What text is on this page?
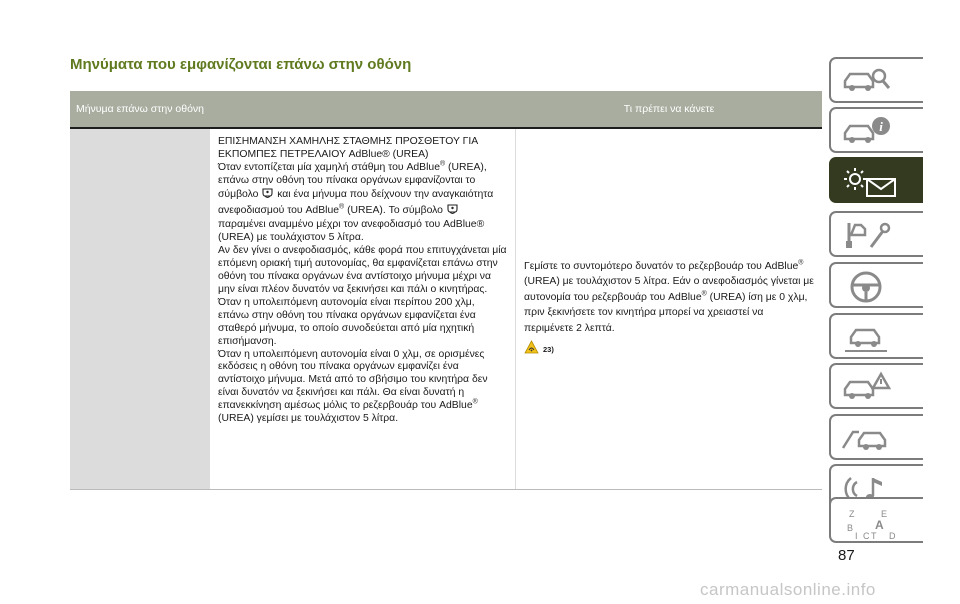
Μηνύματα που εμφανίζονται επάνω στην οθόνη
Μήνυμα επάνω στην οθόνη	Τι πρέπει να κάνετε

ΕΠΙΣΗΜΑΝΣΗ ΧΑΜΗΛΗΣ ΣΤΑΘΜΗΣ ΠΡΟΣΘΕΤΟΥ ΓΙΑ ΕΚΠΟΜΠΕΣ ΠΕΤΡΕΛΑΙΟΥ AdBlue® (UREA)

Όταν εντοπίζεται μία χαμηλή στάθμη του AdBlue® (UREA), επάνω στην οθόνη του πίνακα οργάνων εμφανίζονται το σύμβολο  και ένα μήνυμα που δείχνουν την αναγκαιότητα ανεφοδιασμού του AdBlue® (UREA). Το σύμβολο  παραμένει αναμμένο μέχρι τον ανεφοδιασμό του AdBlue® (UREA) με τουλάχιστον 5 λίτρα.

Αν δεν γίνει ο ανεφοδιασμός, κάθε φορά που επιτυγχάνεται μία επόμενη οριακή τιμή αυτονομίας, θα εμφανίζεται επάνω στην οθόνη του πίνακα οργάνων ένα αντίστοιχο μήνυμα μέχρι να μην είναι πλέον δυνατόν να ξεκινήσει και πάλι ο κινητήρας.

Όταν η υπολειπόμενη αυτονομία είναι περίπου 200 χλμ, επάνω στην οθόνη του πίνακα οργάνων εμφανίζεται ένα σταθερό μήνυμα, το οποίο συνοδεύεται από μία ηχητική επισήμανση.

Όταν η υπολειπόμενη αυτονομία είναι 0 χλμ, σε ορισμένες εκδόσεις η οθόνη του πίνακα οργάνων εμφανίζει ένα αντίστοιχο μήνυμα. Μετά από το σβήσιμο του κινητήρα δεν είναι δυνατόν να ξεκινήσει και πάλι. Θα είναι δυνατή η επανεκκίνηση αμέσως μόλις το ρεζερβουάρ του AdBlue® (UREA) γεμίσει με τουλάχιστον 5 λίτρα.

Γεμίστε το συντομότερο δυνατόν το ρεζερβουάρ του AdBlue® (UREA) με τουλάχιστον 5 λίτρα. Εάν ο ανεφοδιασμός γίνεται με αυτονομία του ρεζερβουάρ του AdBlue® (UREA) ίση με 0 χλμ, πριν ξεκινήσετε τον κινητήρα μπορεί να χρειαστεί να περιμένετε 2 λεπτά.

23)
i
Z	E
B A
I C T D
87
carmanualsonline.info
